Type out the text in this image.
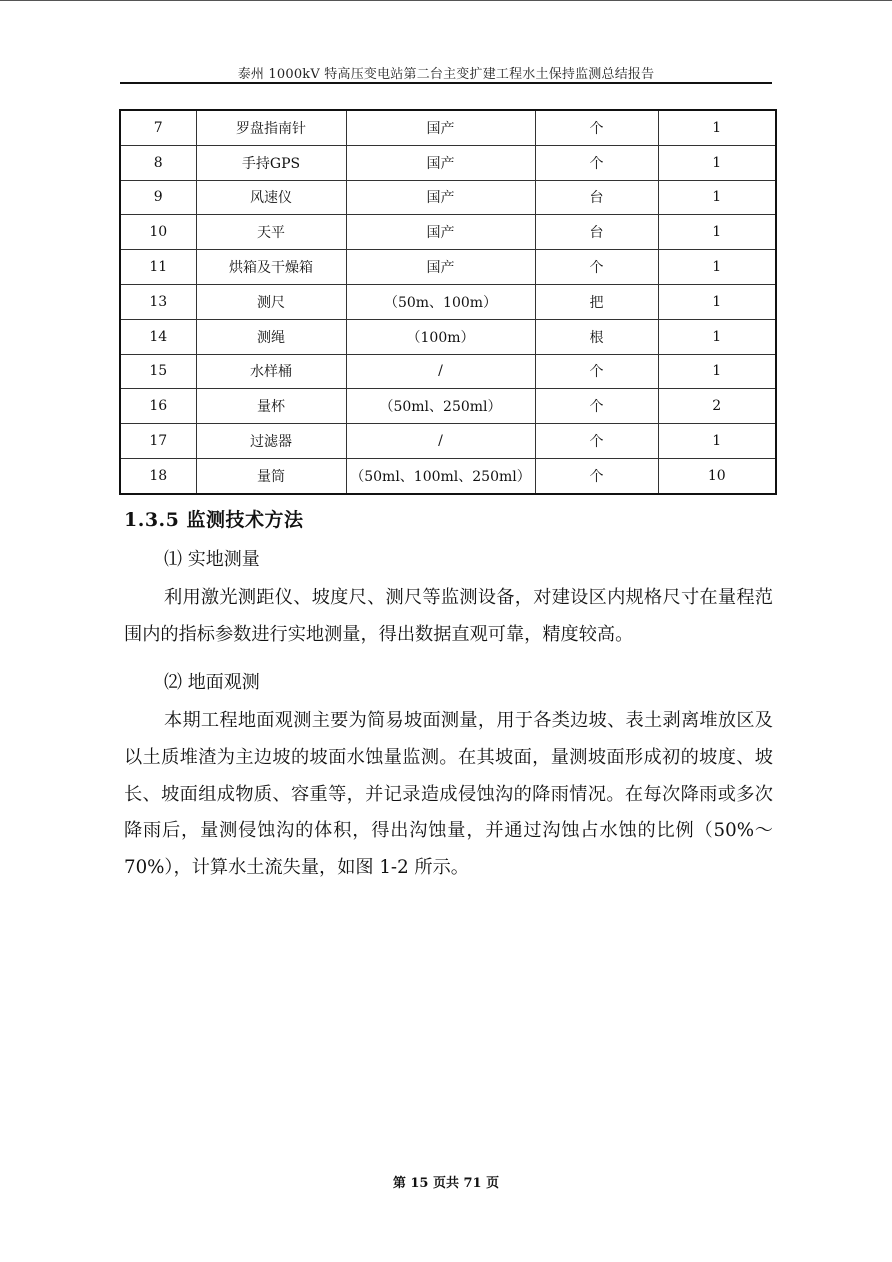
泰州 1000kV 特高压变电站第二台主变扩建工程水土保持监测总结报告
7	罗盘指南针	国产	个	1
8	手持GPS	国产	个	1
9	风速仪	国产	台	1
10	天平	国产	台	1
11	烘箱及干燥箱	国产	个	1
13	测尺	（50m、100m）	把	1
14	测绳	（100m）	根	1
15	水样桶	/	个	1
16	量杯	（50ml、250ml）	个	2
17	过滤器	/	个	1
18	量筒	（50ml、100ml、250ml）	个	10
1.3.5 监测技术方法
⑴ 实地测量

利用激光测距仪、坡度尺、测尺等监测设备，对建设区内规格尺寸在量程范围内的指标参数进行实地测量，得出数据直观可靠，精度较高。

⑵ 地面观测

本期工程地面观测主要为简易坡面测量，用于各类边坡、表土剥离堆放区及以土质堆渣为主边坡的坡面水蚀量监测。在其坡面，量测坡面形成初的坡度、坡长、坡面组成物质、容重等，并记录造成侵蚀沟的降雨情况。在每次降雨或多次降雨后，量测侵蚀沟的体积，得出沟蚀量，并通过沟蚀占水蚀的比例（50%～70%），计算水土流失量，如图 1-2 所示。

第 15 页共 71 页
